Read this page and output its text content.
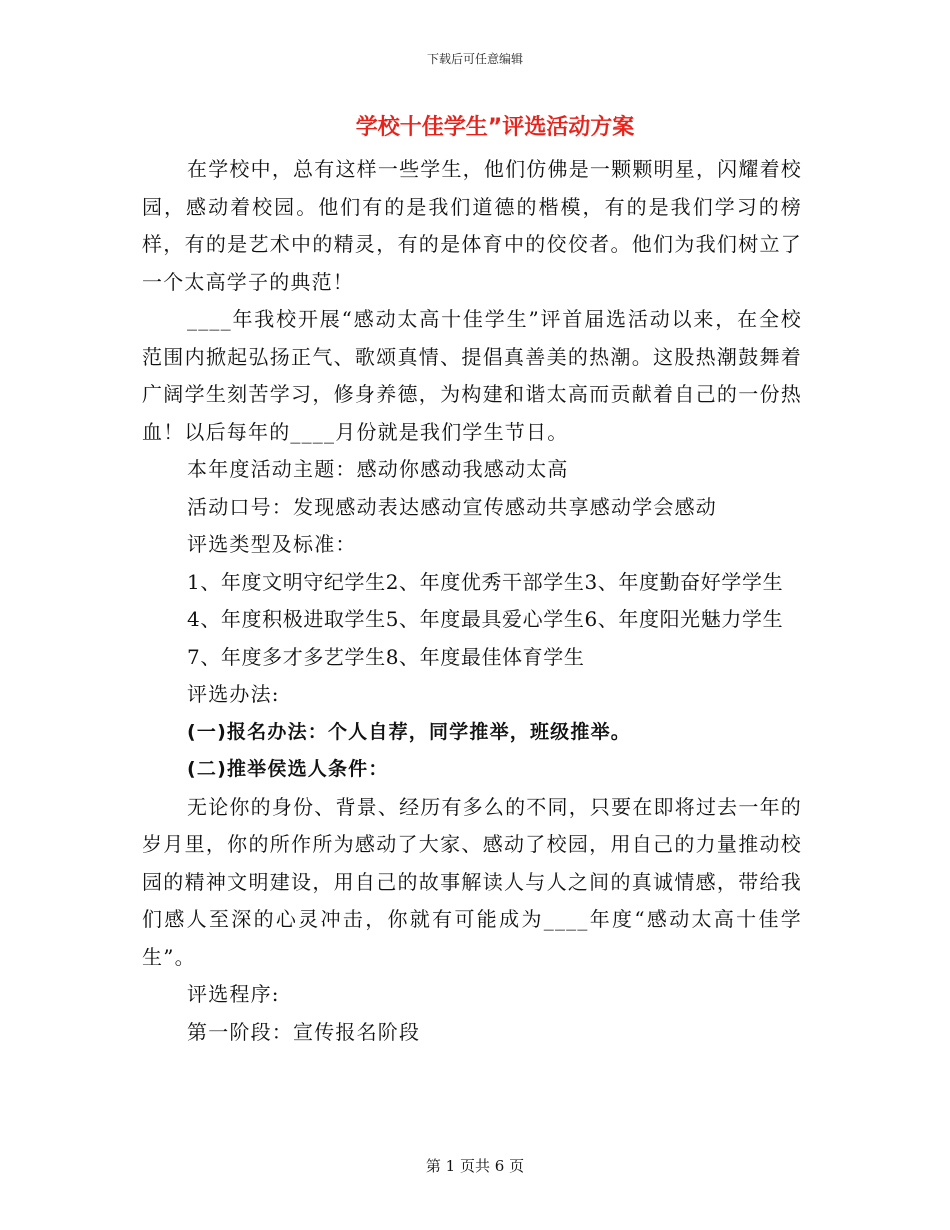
下载后可任意编辑
学校十佳学生”评选活动方案

在学校中，总有这样一些学生，他们仿佛是一颗颗明星，闪耀着校园，感动着校园。他们有的是我们道德的楷模，有的是我们学习的榜样，有的是艺术中的精灵，有的是体育中的佼佼者。他们为我们树立了一个太高学子的典范！

____年我校开展“感动太高十佳学生”评首届选活动以来，在全校范围内掀起弘扬正气、歌颂真情、提倡真善美的热潮。这股热潮鼓舞着广阔学生刻苦学习，修身养德，为构建和谐太高而贡献着自己的一份热血！以后每年的____月份就是我们学生节日。

本年度活动主题：感动你感动我感动太高

活动口号：发现感动表达感动宣传感动共享感动学会感动

评选类型及标准：

1、年度文明守纪学生2、年度优秀干部学生3、年度勤奋好学学生

4、年度积极进取学生5、年度最具爱心学生6、年度阳光魅力学生

7、年度多才多艺学生8、年度最佳体育学生

评选办法:

(一)报名办法：个人自荐，同学推举，班级推举。

(二)推举侯选人条件：

无论你的身份、背景、经历有多么的不同，只要在即将过去一年的岁月里，你的所作所为感动了大家、感动了校园，用自己的力量推动校园的精神文明建设，用自己的故事解读人与人之间的真诚情感，带给我们感人至深的心灵冲击，你就有可能成为____年度“感动太高十佳学生”。

评选程序:

第一阶段：宣传报名阶段

第 1 页共 6 页
